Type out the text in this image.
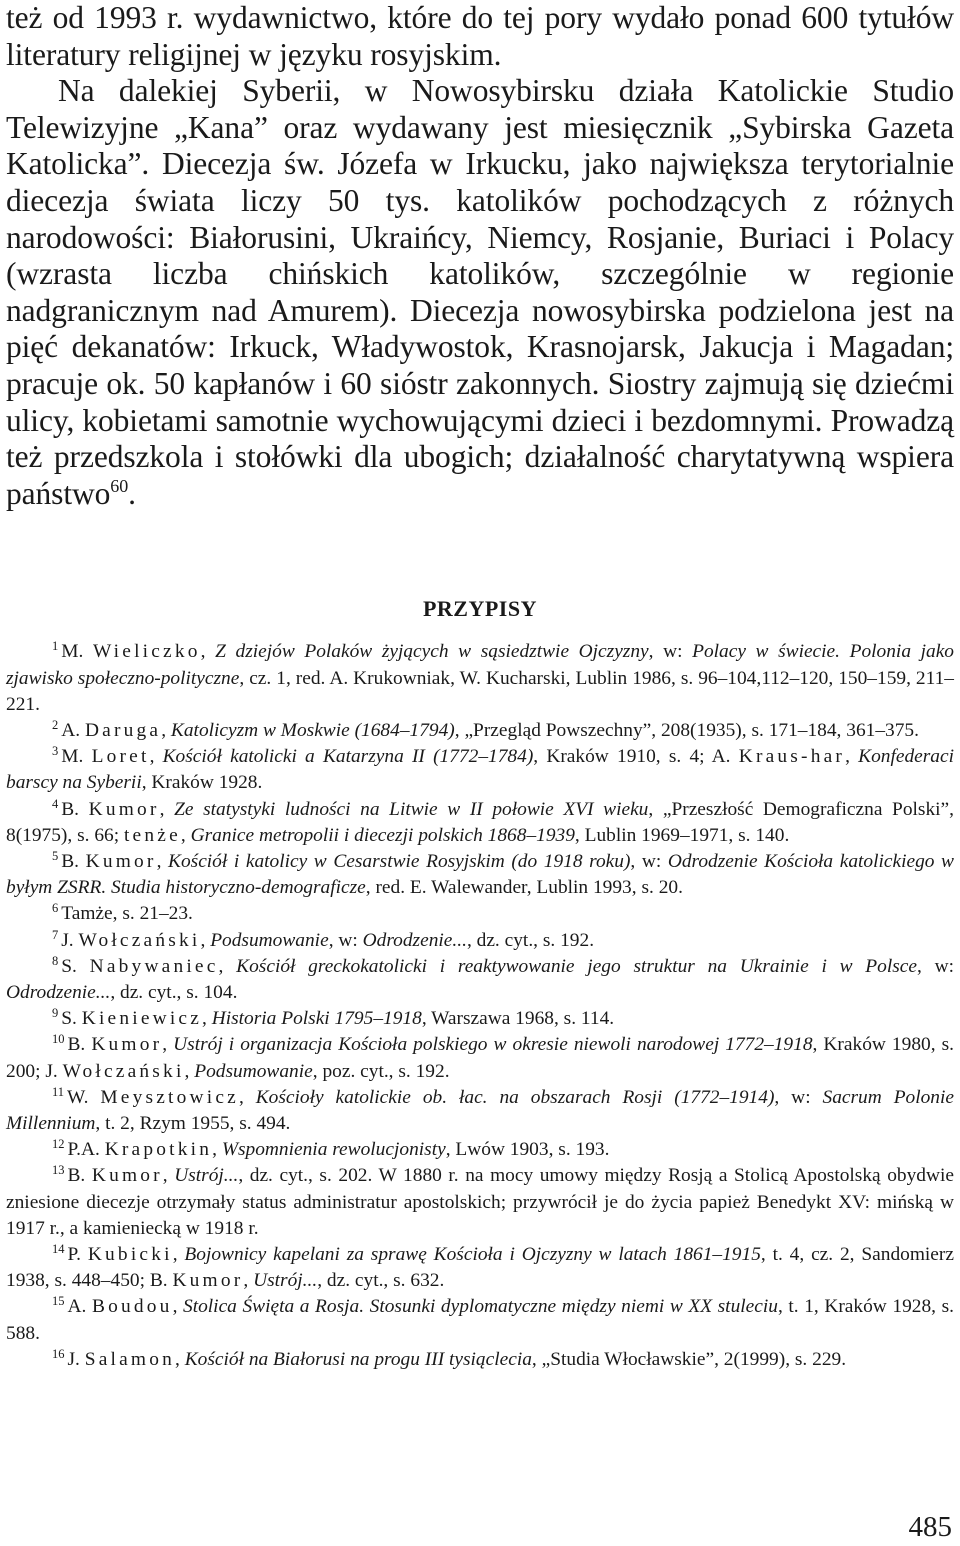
też od 1993 r. wydawnictwo, które do tej pory wydało ponad 600 tytułów literatury religijnej w języku rosyjskim.

Na dalekiej Syberii, w Nowosybirsku działa Katolickie Studio Telewizyjne „Kana” oraz wydawany jest miesięcznik „Sybirska Gazeta Katolicka”. Diecezja św. Józefa w Irkucku, jako największa terytorialnie diecezja świata liczy 50 tys. katolików pochodzących z różnych narodowości: Białorusini, Ukraińcy, Niemcy, Rosjanie, Buriaci i Polacy (wzrasta liczba chińskich katolików, szczególnie w regionie nadgranicznym nad Amurem). Diecezja nowosybirska podzielona jest na pięć dekanatów: Irkuck, Władywostok, Krasnojarsk, Jakucja i Magadan; pracuje ok. 50 kapłanów i 60 sióstr zakonnych. Siostry zajmują się dziećmi ulicy, kobietami samotnie wychowującymi dzieci i bezdomnymi. Prowadzą też przedszkola i stołówki dla ubogich; działalność charytatywną wspiera państwo$^{60}$.

PRZYPISY

$^1$ M. Wieliczko, Z dziejów Polaków żyjących w sąsiedztwie Ojczyzny, w: Polacy w świecie. Polonia jako zjawisko społeczno-polityczne, cz. 1, red. A. Krukowniak, W. Kucharski, Lublin 1986, s. 96–104,112–120, 150–159, 211–221.

$^2$ A. Daruga, Katolicyzm w Moskwie (1684–1794), „Przegląd Powszechny”, 208(1935), s. 171–184, 361–375.

$^3$ M. Loret, Kościół katolicki a Katarzyna II (1772–1784), Kraków 1910, s. 4; A. Kraus-har, Konfederaci barscy na Syberii, Kraków 1928.

$^4$ B. Kumor, Ze statystyki ludności na Litwie w II połowie XVI wieku, „Przeszłość Demograficzna Polski”, 8(1975), s. 66; tenże, Granice metropolii i diecezji polskich 1868–1939, Lublin 1969–1971, s. 140.

$^5$ B. Kumor, Kościół i katolicy w Cesarstwie Rosyjskim (do 1918 roku), w: Odrodzenie Kościoła katolickiego w byłym ZSRR. Studia historyczno-demograficze, red. E. Walewander, Lublin 1993, s. 20.

$^6$ Tamże, s. 21–23.

$^7$ J. Wołczański, Podsumowanie, w: Odrodzenie..., dz. cyt., s. 192.

$^8$ S. Nabywaniec, Kościół greckokatolicki i reaktywowanie jego struktur na Ukrainie i w Polsce, w: Odrodzenie..., dz. cyt., s. 104.

$^9$ S. Kieniewicz, Historia Polski 1795–1918, Warszawa 1968, s. 114.

$^{10}$ B. Kumor, Ustrój i organizacja Kościoła polskiego w okresie niewoli narodowej 1772–1918, Kraków 1980, s. 200; J. Wołczański, Podsumowanie, poz. cyt., s. 192.

$^{11}$ W. Meysztowicz, Kościoły katolickie ob. łac. na obszarach Rosji (1772–1914), w: Sacrum Polonie Millennium, t. 2, Rzym 1955, s. 494.

$^{12}$ P.A. Krapotkin, Wspomnienia rewolucjonisty, Lwów 1903, s. 193.

$^{13}$ B. Kumor, Ustrój..., dz. cyt., s. 202. W 1880 r. na mocy umowy między Rosją a Stolicą Apostolską obydwie zniesione diecezje otrzymały status administratur apostolskich; przywrócił je do życia papież Benedykt XV: mińską w 1917 r., a kamieniecką w 1918 r.

$^{14}$ P. Kubicki, Bojownicy kapelani za sprawę Kościoła i Ojczyzny w latach 1861–1915, t. 4, cz. 2, Sandomierz 1938, s. 448–450; B. Kumor, Ustrój..., dz. cyt., s. 632.

$^{15}$ A. Boudou, Stolica Święta a Rosja. Stosunki dyplomatyczne między niemi w XX stuleciu, t. 1, Kraków 1928, s. 588.

$^{16}$ J. Salamon, Kościół na Białorusi na progu III tysiąclecia, „Studia Włocławskie”, 2(1999), s. 229.

485
